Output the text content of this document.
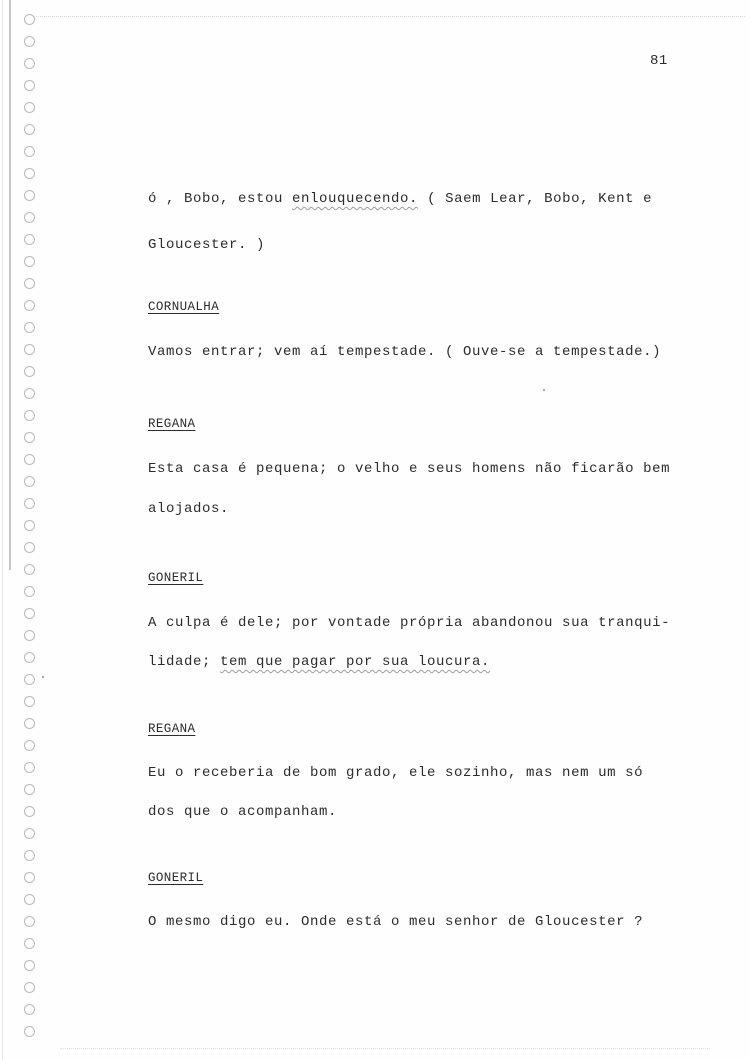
81
ó , Bobo, estou enlouquecendo. ( Saem Lear, Bobo, Kent e
Gloucester. )
CORNUALHA
Vamos entrar; vem aí tempestade. ( Ouve-se a tempestade.)
REGANA
Esta casa é pequena; o velho e seus homens não ficarão bem
alojados.
GONERIL
A culpa é dele; por vontade própria abandonou sua tranqui-
lidade; tem que pagar por sua loucura.
REGANA
Eu o receberia de bom grado, ele sozinho, mas nem um só
dos que o acompanham.
GONERIL
O mesmo digo eu. Onde está o meu senhor de Gloucester ?
